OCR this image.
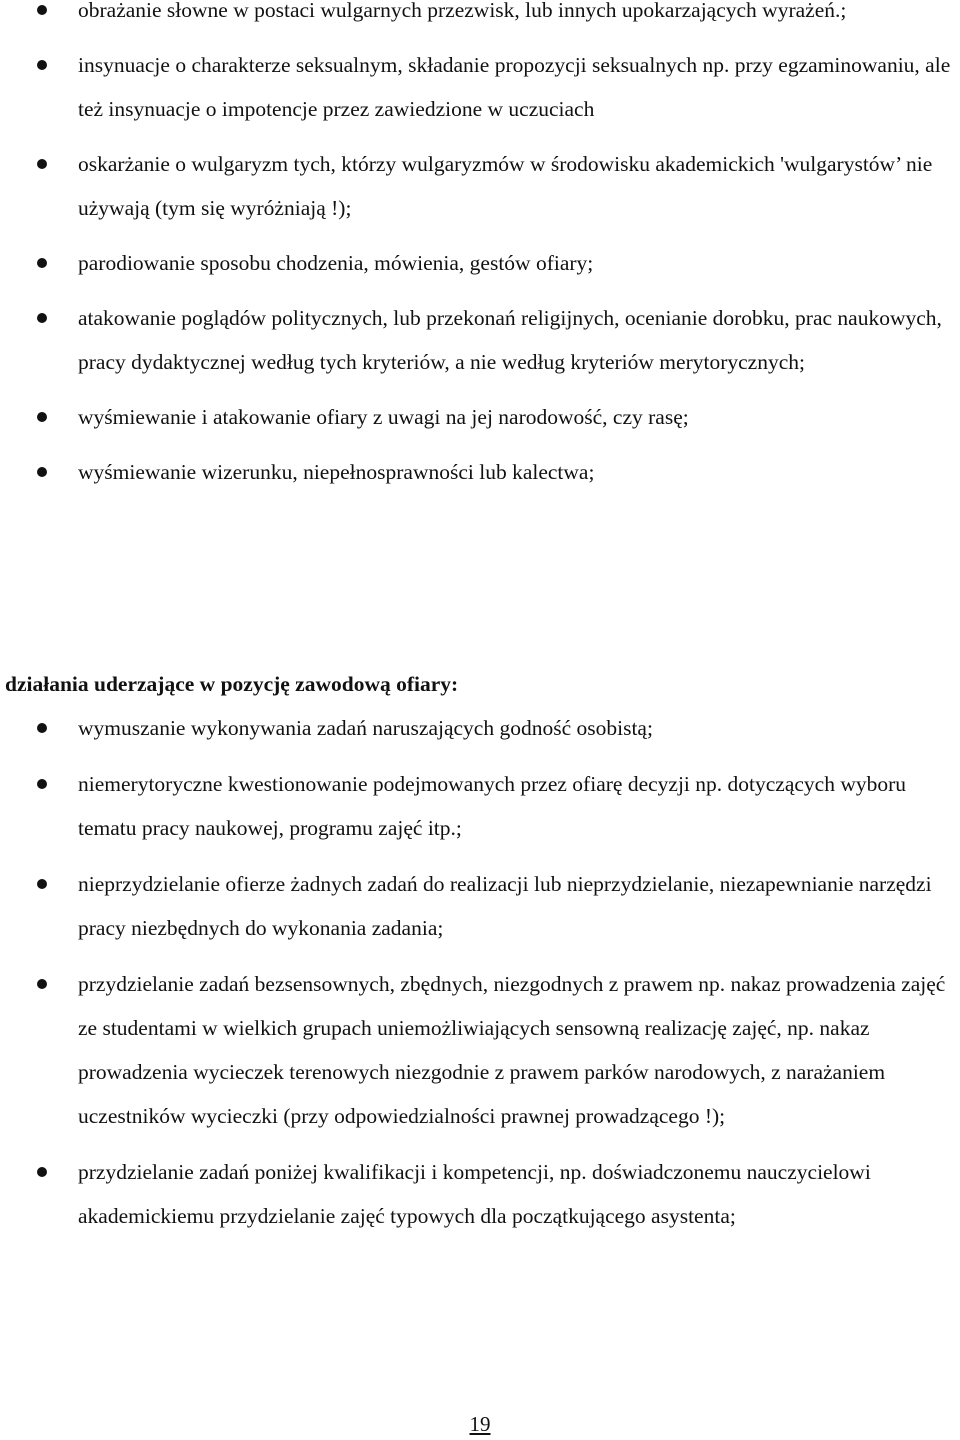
obrażanie słowne w postaci wulgarnych przezwisk, lub innych upokarzających wyrażeń.;
insynuacje o charakterze seksualnym, składanie propozycji seksualnych np. przy egzaminowaniu, ale też insynuacje o impotencje przez zawiedzione w uczuciach
oskarżanie o wulgaryzm tych, którzy wulgaryzmów w środowisku akademickich 'wulgarystów’ nie używają (tym się wyróżniają !);
parodiowanie sposobu chodzenia, mówienia, gestów ofiary;
atakowanie poglądów politycznych, lub przekonań religijnych, ocenianie dorobku, prac naukowych, pracy dydaktycznej według tych kryteriów, a nie według kryteriów merytorycznych;
wyśmiewanie i atakowanie ofiary z uwagi na jej narodowość, czy rasę;
wyśmiewanie wizerunku, niepełnosprawności lub kalectwa;
działania uderzające w pozycję zawodową ofiary:
wymuszanie wykonywania zadań naruszających godność osobistą;
niemerytoryczne kwestionowanie podejmowanych przez ofiarę decyzji np. dotyczących wyboru tematu pracy naukowej, programu zajęć itp.;
nieprzydzielanie ofierze żadnych zadań do realizacji lub nieprzydzielanie, niezapewnianie narzędzi pracy niezbędnych do wykonania zadania;
przydzielanie zadań bezsensownych, zbędnych, niezgodnych z prawem np. nakaz prowadzenia zajęć ze studentami w wielkich grupach uniemożliwiających sensowną realizację zajęć, np. nakaz prowadzenia wycieczek terenowych niezgodnie z prawem parków narodowych, z narażaniem uczestników wycieczki (przy odpowiedzialności prawnej prowadzącego !);
przydzielanie zadań poniżej kwalifikacji i kompetencji, np. doświadczonemu nauczycielowi akademickiemu przydzielanie zajęć typowych dla początkującego asystenta;
19
